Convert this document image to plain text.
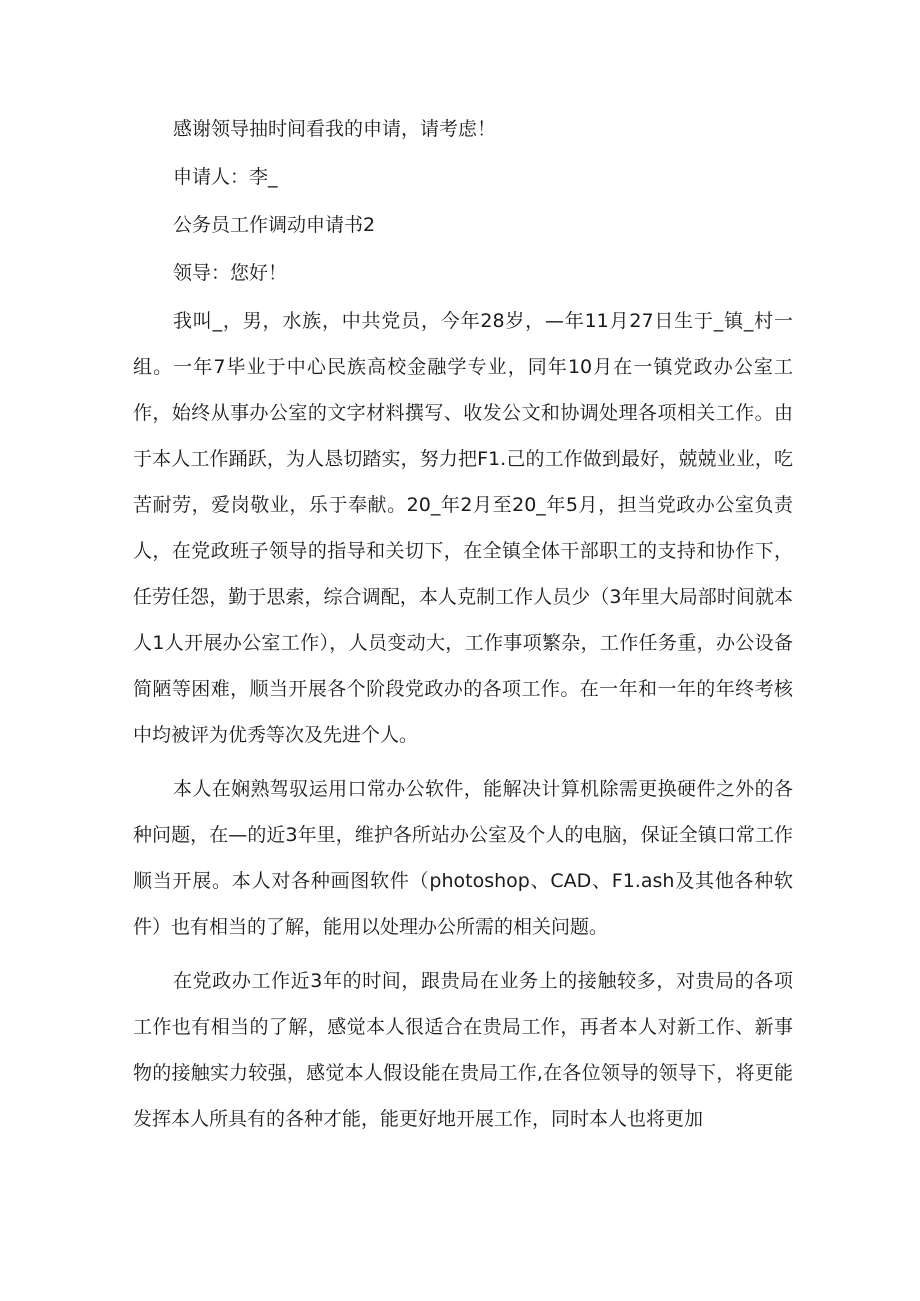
感谢领导抽时间看我的申请，请考虑！

申请人：李_

公务员工作调动申请书2

领导：您好！

我叫_，男，水族，中共党员，今年28岁，—年11月27日生于_镇_村一组。一年7毕业于中心民族高校金融学专业，同年10月在一镇党政办公室工作，始终从事办公室的文字材料撰写、收发公文和协调处理各项相关工作。由于本人工作踊跃，为人恳切踏实，努力把F1.己的工作做到最好，兢兢业业，吃苦耐劳，爱岗敬业，乐于奉献。20_年2月至20_年5月，担当党政办公室负责人，在党政班子领导的指导和关切下，在全镇全体干部职工的支持和协作下，任劳任怨，勤于思索，综合调配，本人克制工作人员少（3年里大局部时间就本人1人开展办公室工作），人员变动大，工作事项繁杂，工作任务重，办公设备简陋等困难，顺当开展各个阶段党政办的各项工作。在一年和一年的年终考核中均被评为优秀等次及先进个人。

本人在娴熟驾驭运用口常办公软件，能解决计算机除需更换硬件之外的各种问题，在—的近3年里，维护各所站办公室及个人的电脑，保证全镇口常工作顺当开展。本人对各种画图软件（photoshop、CAD、F1.ash及其他各种软件）也有相当的了解，能用以处理办公所需的相关问题。

在党政办工作近3年的时间，跟贵局在业务上的接触较多，对贵局的各项工作也有相当的了解，感觉本人很适合在贵局工作，再者本人对新工作、新事物的接触实力较强，感觉本人假设能在贵局工作,在各位领导的领导下，将更能发挥本人所具有的各种才能，能更好地开展工作，同时本人也将更加
